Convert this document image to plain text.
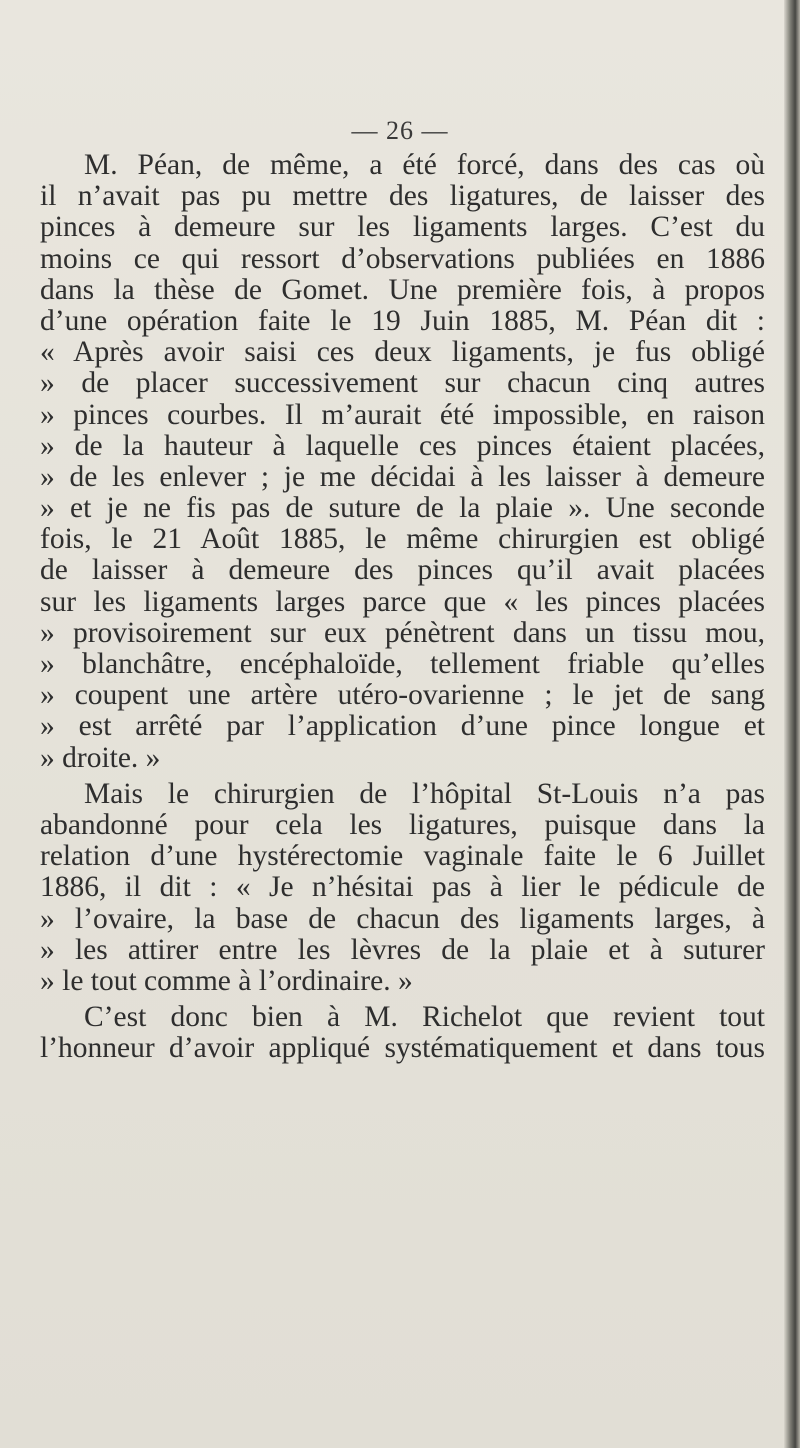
— 26 —
M. Péan, de même, a été forcé, dans des cas où
il n’avait pas pu mettre des ligatures, de laisser des
pinces à demeure sur les ligaments larges. C’est du
moins ce qui ressort d’observations publiées en 1886
dans la thèse de Gomet. Une première fois, à propos
d’une opération faite le 19 Juin 1885, M. Péan dit :
« Après avoir saisi ces deux ligaments, je fus obligé
» de placer successivement sur chacun cinq autres
» pinces courbes. Il m’aurait été impossible, en raison
» de la hauteur à laquelle ces pinces étaient placées,
» de les enlever ; je me décidai à les laisser à demeure
» et je ne fis pas de suture de la plaie ». Une seconde
fois, le 21 Août 1885, le même chirurgien est obligé
de laisser à demeure des pinces qu’il avait placées
sur les ligaments larges parce que « les pinces placées
» provisoirement sur eux pénètrent dans un tissu mou,
» blanchâtre, encéphaloïde, tellement friable qu’elles
» coupent une artère utéro-ovarienne ; le jet de sang
» est arrêté par l’application d’une pince longue et
» droite. »
Mais le chirurgien de l’hôpital St-Louis n’a pas
abandonné pour cela les ligatures, puisque dans la
relation d’une hystérectomie vaginale faite le 6 Juillet
1886, il dit : « Je n’hésitai pas à lier le pédicule de
» l’ovaire, la base de chacun des ligaments larges, à
» les attirer entre les lèvres de la plaie et à suturer
» le tout comme à l’ordinaire. »
C’est donc bien à M. Richelot que revient tout
l’honneur d’avoir appliqué systématiquement et dans tous
